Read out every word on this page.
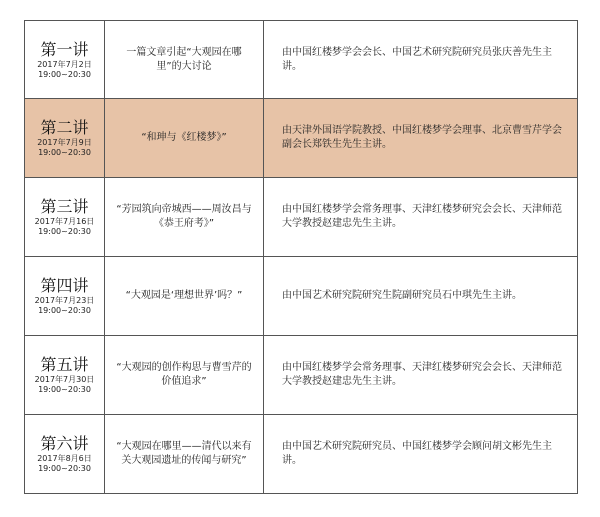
第一讲
2017年7月2日
19:00~20:30	一篇文章引起“大观园在哪里”的大讨论	由中国红楼梦学会会长、中国艺术研究院研究员张庆善先生主讲。

第二讲
2017年7月9日
19:00~20:30	“和珅与《红楼梦》”	由天津外国语学院教授、中国红楼梦学会理事、北京曹雪芹学会副会长郑铁生先生主讲。

第三讲
2017年7月16日
19:00~20:30	“芳园筑向帝城西——周汝昌与《恭王府考》”	由中国红楼梦学会常务理事、天津红楼梦研究会会长、天津师范大学教授赵建忠先生主讲。

第四讲
2017年7月23日
19:00~20:30	“大观园是‘理想世界’吗？”	由中国艺术研究院研究生院副研究员石中琪先生主讲。

第五讲
2017年7月30日
19:00~20:30	“大观园的创作构思与曹雪芹的价值追求”	由中国红楼梦学会常务理事、天津红楼梦研究会会长、天津师范大学教授赵建忠先生主讲。

第六讲
2017年8月6日
19:00~20:30	“大观园在哪里——清代以来有关大观园遗址的传闻与研究”	由中国艺术研究院研究员、中国红楼梦学会顾问胡文彬先生主讲。
